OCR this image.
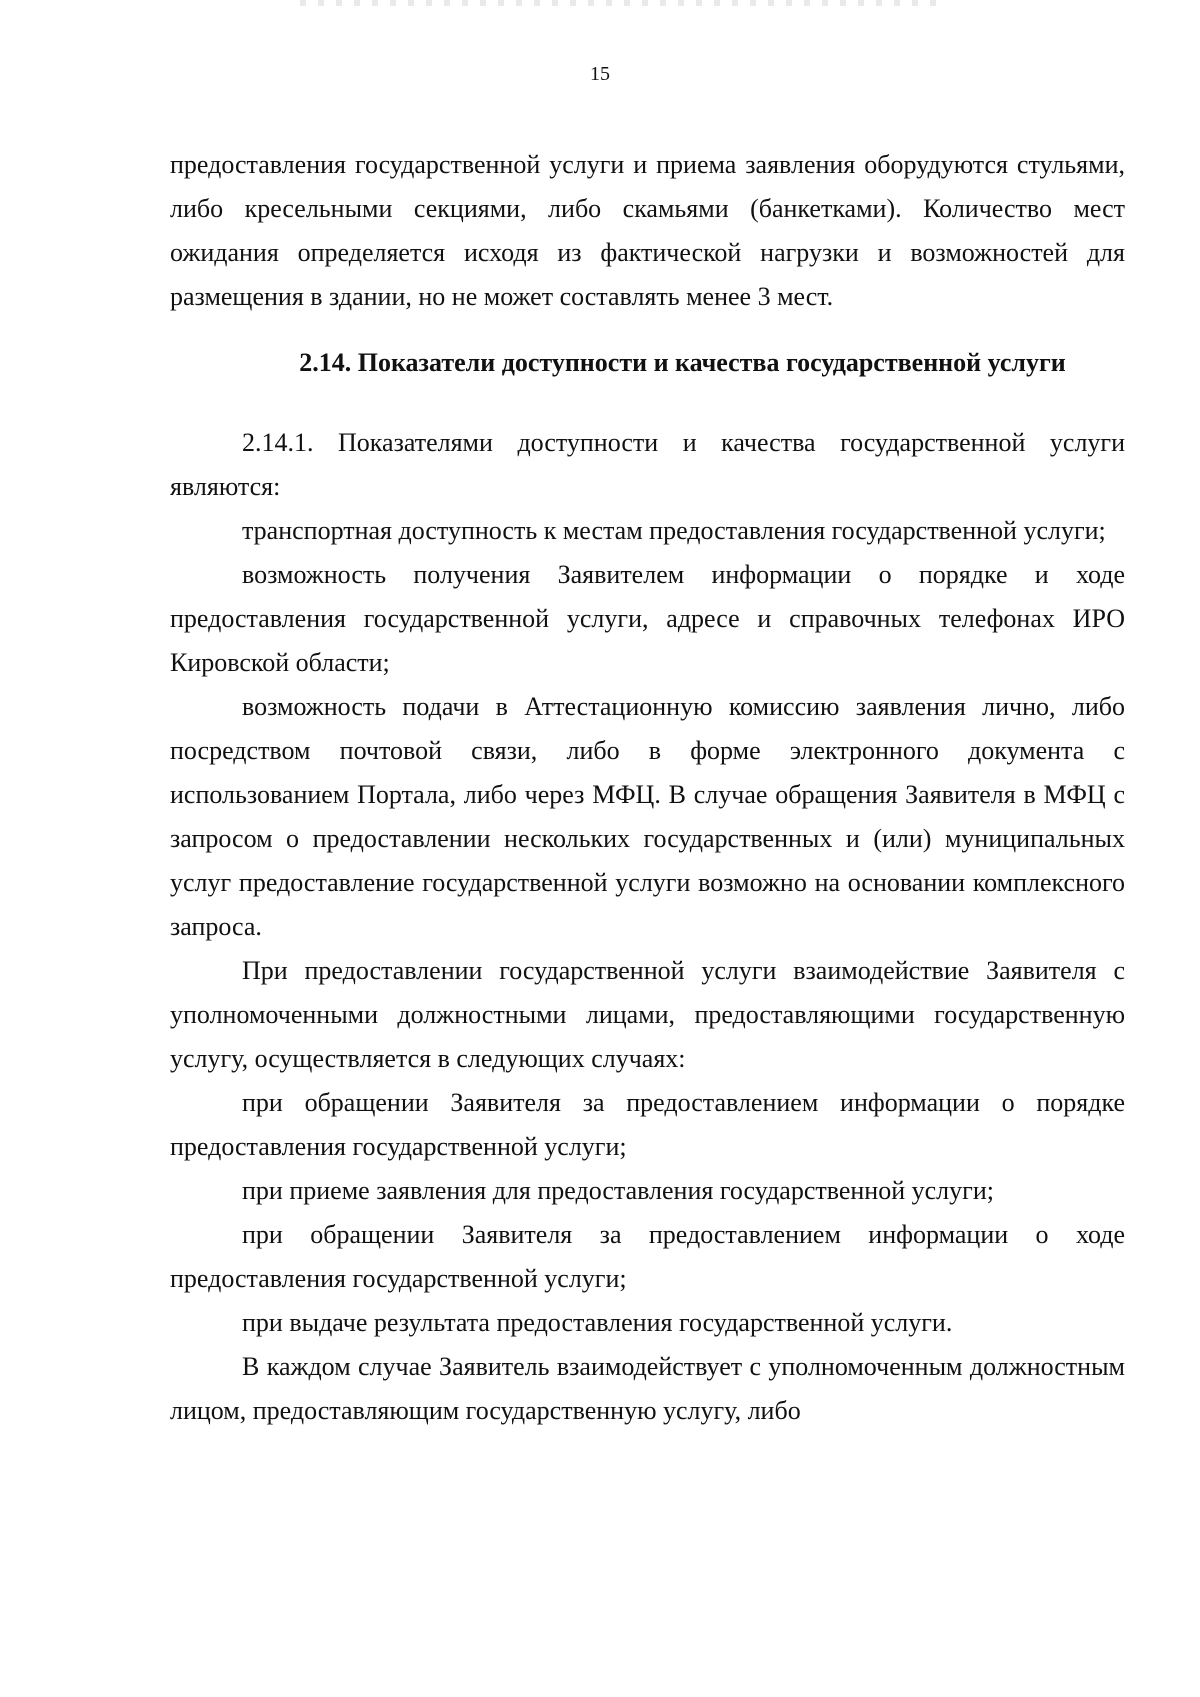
15

предоставления государственной услуги и приема заявления оборудуются стульями, либо кресельными секциями, либо скамьями (банкетками). Количество мест ожидания определяется исходя из фактической нагрузки и возможностей для размещения в здании, но не может составлять менее 3 мест.

2.14. Показатели доступности и качества государственной услуги

2.14.1. Показателями доступности и качества государственной услуги являются:

транспортная доступность к местам предоставления государственной услуги;

возможность получения Заявителем информации о порядке и ходе предоставления государственной услуги, адресе и справочных телефонах ИРО Кировской области;

возможность подачи в Аттестационную комиссию заявления лично, либо посредством почтовой связи, либо в форме электронного документа с использованием Портала, либо через МФЦ. В случае обращения Заявителя в МФЦ с запросом о предоставлении нескольких государственных и (или) муниципальных услуг предоставление государственной услуги возможно на основании комплексного запроса.

При предоставлении государственной услуги взаимодействие Заявителя с уполномоченными должностными лицами, предоставляющими государственную услугу, осуществляется в следующих случаях:

при обращении Заявителя за предоставлением информации о порядке предоставления государственной услуги;

при приеме заявления для предоставления государственной услуги;

при обращении Заявителя за предоставлением информации о ходе предоставления государственной услуги;

при выдаче результата предоставления государственной услуги.

В каждом случае Заявитель взаимодействует с уполномоченным должностным лицом, предоставляющим государственную услугу, либо
